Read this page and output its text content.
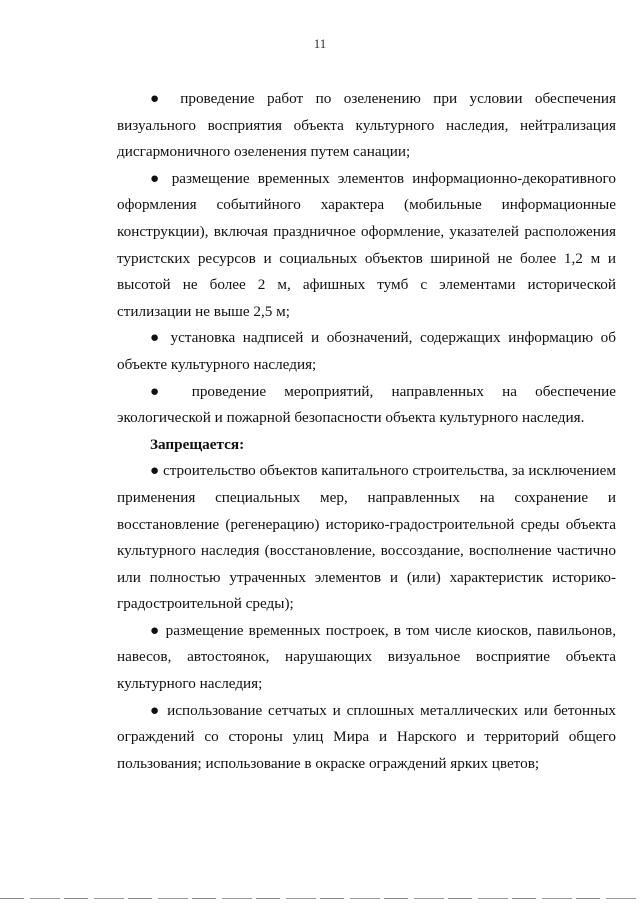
11

● проведение работ по озеленению при условии обеспечения визуального восприятия объекта культурного наследия, нейтрализация дисгармоничного озеленения путем санации;

● размещение временных элементов информационно-декоративного оформления событийного характера (мобильные информационные конструкции), включая праздничное оформление, указателей расположения туристских ресурсов и социальных объектов шириной не более 1,2 м и высотой не более 2 м, афишных тумб с элементами исторической стилизации не выше 2,5 м;

● установка надписей и обозначений, содержащих информацию об объекте культурного наследия;

● проведение мероприятий, направленных на обеспечение экологической и пожарной безопасности объекта культурного наследия.

Запрещается:

● строительство объектов капитального строительства, за исключением применения специальных мер, направленных на сохранение и восстановление (регенерацию) историко-градостроительной среды объекта культурного наследия (восстановление, воссоздание, восполнение частично или полностью утраченных элементов и (или) характеристик историко-градостроительной среды);

● размещение временных построек, в том числе киосков, павильонов, навесов, автостоянок, нарушающих визуальное восприятие объекта культурного наследия;

● использование сетчатых и сплошных металлических или бетонных ограждений со стороны улиц Мира и Нарского и территорий общего пользования; использование в окраске ограждений ярких цветов;
